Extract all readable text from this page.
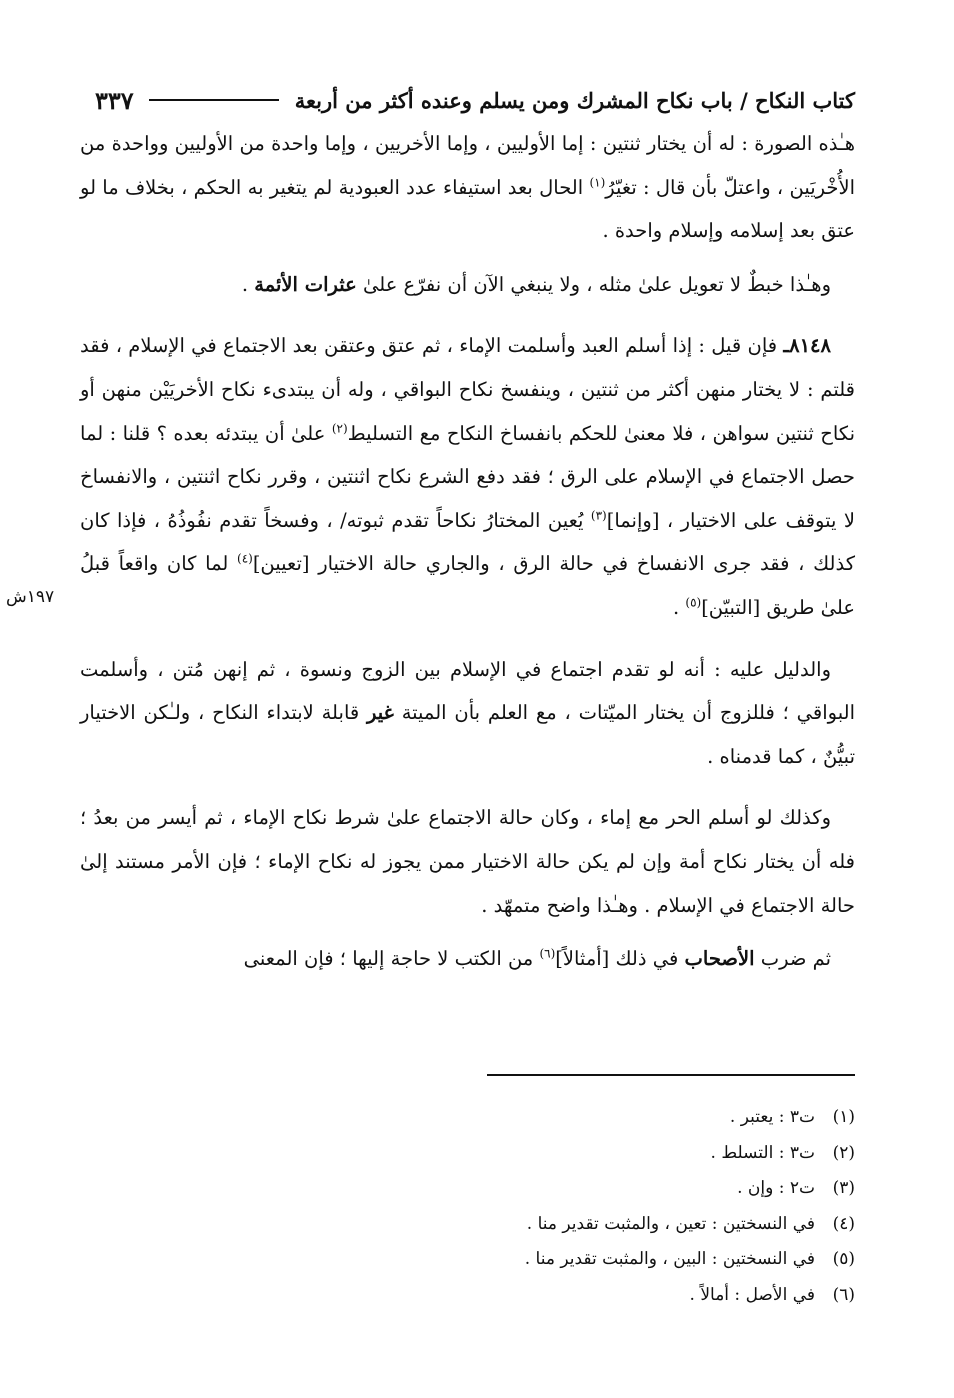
كتاب النكاح / باب نكاح المشرك ومن يسلم وعنده أكثر من أربعة
٣٣٧

هـٰذه الصورة : له أن يختار ثنتين : إما الأوليين ، وإما الأخريين ، وإما واحدة من الأوليين وواحدة من الأُخْريَين ، واعتلّ بأن قال : تغيّرُ$^{(١)}$ الحال بعد استيفاء عدد العبودية لم يتغير به الحكم ، بخلاف ما لو عتق بعد إسلامه وإسلام واحدة .

وهـٰذا خبطٌ لا تعويل علىٰ مثله ، ولا ينبغي الآن أن نفرّع علىٰ عثرات الأئمة .

٨١٤٨ـ فإن قيل : إذا أسلم العبد وأسلمت الإماء ، ثم عتق وعتقن بعد الاجتماع في الإسلام ، فقد قلتم : لا يختار منهن أكثر من ثنتين ، وينفسخ نكاح البواقي ، وله أن يبتدىء نكاح الأخريَيْن منهن أو نكاح ثنتين سواهن ، فلا معنىٰ للحكم بانفساخ النكاح مع التسليط$^{(٢)}$ علىٰ أن يبتدئه بعده ؟ قلنا : لما حصل الاجتماع في الإسلام على الرق ؛ فقد دفع الشرع نكاح اثنتين ، وقرر نكاح اثنتين ، والانفساخ لا يتوقف على الاختيار ، [وإنما]$^{(٣)}$ يُعين المختارُ نكاحاً تقدم ثبوته/ ، وفسخاً تقدم نفُوذُهُ ، فإذا كان كذلك ، فقد جرى الانفساخ في حالة الرق ، والجاري حالة الاختيار [تعيين]$^{(٤)}$ لما كان واقعاً قبلُ علىٰ طريق [التبيّن]$^{(٥)}$ .

والدليل عليه : أنه لو تقدم اجتماع في الإسلام بين الزوج ونسوة ، ثم إنهن مُتن ، وأسلمت البواقي ؛ فللزوج أن يختار الميّتات ، مع العلم بأن الميتة غير قابلة لابتداء النكاح ، ولـٰكن الاختيار تبيُّنٌ ، كما قدمناه .

وكذلك لو أسلم الحر مع إماء ، وكان حالة الاجتماع علىٰ شرط نكاح الإماء ، ثم أيسر من بعدُ ؛ فله أن يختار نكاح أمة وإن لم يكن حالة الاختيار ممن يجوز له نكاح الإماء ؛ فإن الأمر مستند إلىٰ حالة الاجتماع في الإسلام . وهـٰذا واضح متمهّد .

ثم ضرب الأصحاب في ذلك [أمثالاً]$^{(٦)}$ من الكتب لا حاجة إليها ؛ فإن المعنى

١٩٧ش
(١)
ت٣ : يعتبر .
(٢)
ت٣ : التسلط .
(٣)
ت٢ : وإن .
(٤)
في النسختين : تعين ، والمثبت تقدير منا .
(٥)
في النسختين : البين ، والمثبت تقدير منا .
(٦)
في الأصل : أمالاً .
